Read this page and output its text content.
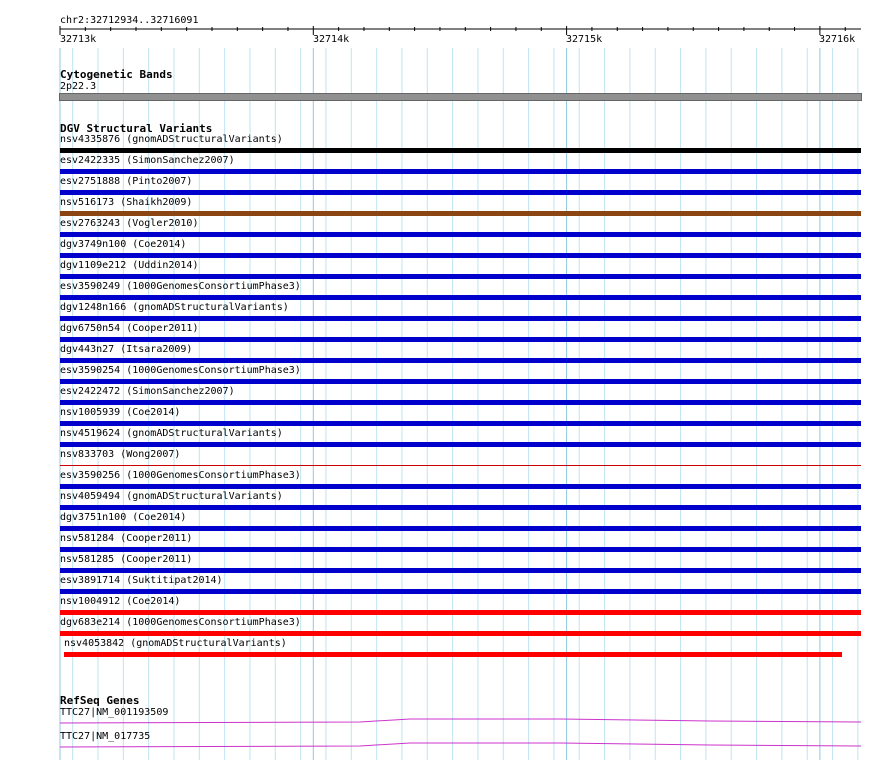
chr2:32712934..32716091
32713k	32714k	32715k	32716k
Cytogenetic Bands
2p22.3
DGV Structural Variants
nsv4335876 (gnomADStructuralVariants)
esv2422335 (SimonSanchez2007)
esv2751888 (Pinto2007)
nsv516173 (Shaikh2009)
esv2763243 (Vogler2010)
dgv3749n100 (Coe2014)
dgv1109e212 (Uddin2014)
esv3590249 (1000GenomesConsortiumPhase3)
dgv1248n166 (gnomADStructuralVariants)
dgv6750n54 (Cooper2011)
dgv443n27 (Itsara2009)
esv3590254 (1000GenomesConsortiumPhase3)
esv2422472 (SimonSanchez2007)
nsv1005939 (Coe2014)
nsv4519624 (gnomADStructuralVariants)
nsv833703 (Wong2007)
esv3590256 (1000GenomesConsortiumPhase3)
nsv4059494 (gnomADStructuralVariants)
dgv3751n100 (Coe2014)
nsv581284 (Cooper2011)
nsv581285 (Cooper2011)
esv3891714 (Suktitipat2014)
nsv1004912 (Coe2014)
dgv683e214 (1000GenomesConsortiumPhase3)
nsv4053842 (gnomADStructuralVariants)
RefSeq Genes
TTC27|NM_001193509
TTC27|NM_017735
